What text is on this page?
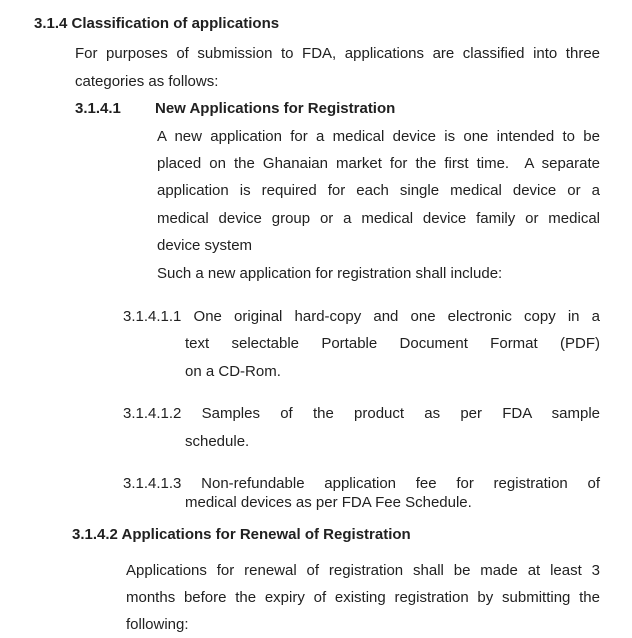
3.1.4 Classification of applications
For purposes of submission to FDA, applications are classified into three
categories as follows:
3.1.4.1 New Applications for Registration
A new application for a medical device is one intended to be
placed on the Ghanaian market for the first time.  A separate
application is required for each single medical device or a
medical device group or a medical device family or medical
device system
Such a new application for registration shall include:
3.1.4.1.1 One original hard-copy and one electronic copy in a
text selectable Portable Document Format (PDF)
on a CD-Rom.
3.1.4.1.2 Samples of the product as per FDA sample
schedule.
3.1.4.1.3 Non-refundable application fee for registration of
medical devices as per FDA Fee Schedule.
3.1.4.2 Applications for Renewal of Registration
Applications for renewal of registration shall be made at least 3
months before the expiry of existing registration by submitting the
following:
